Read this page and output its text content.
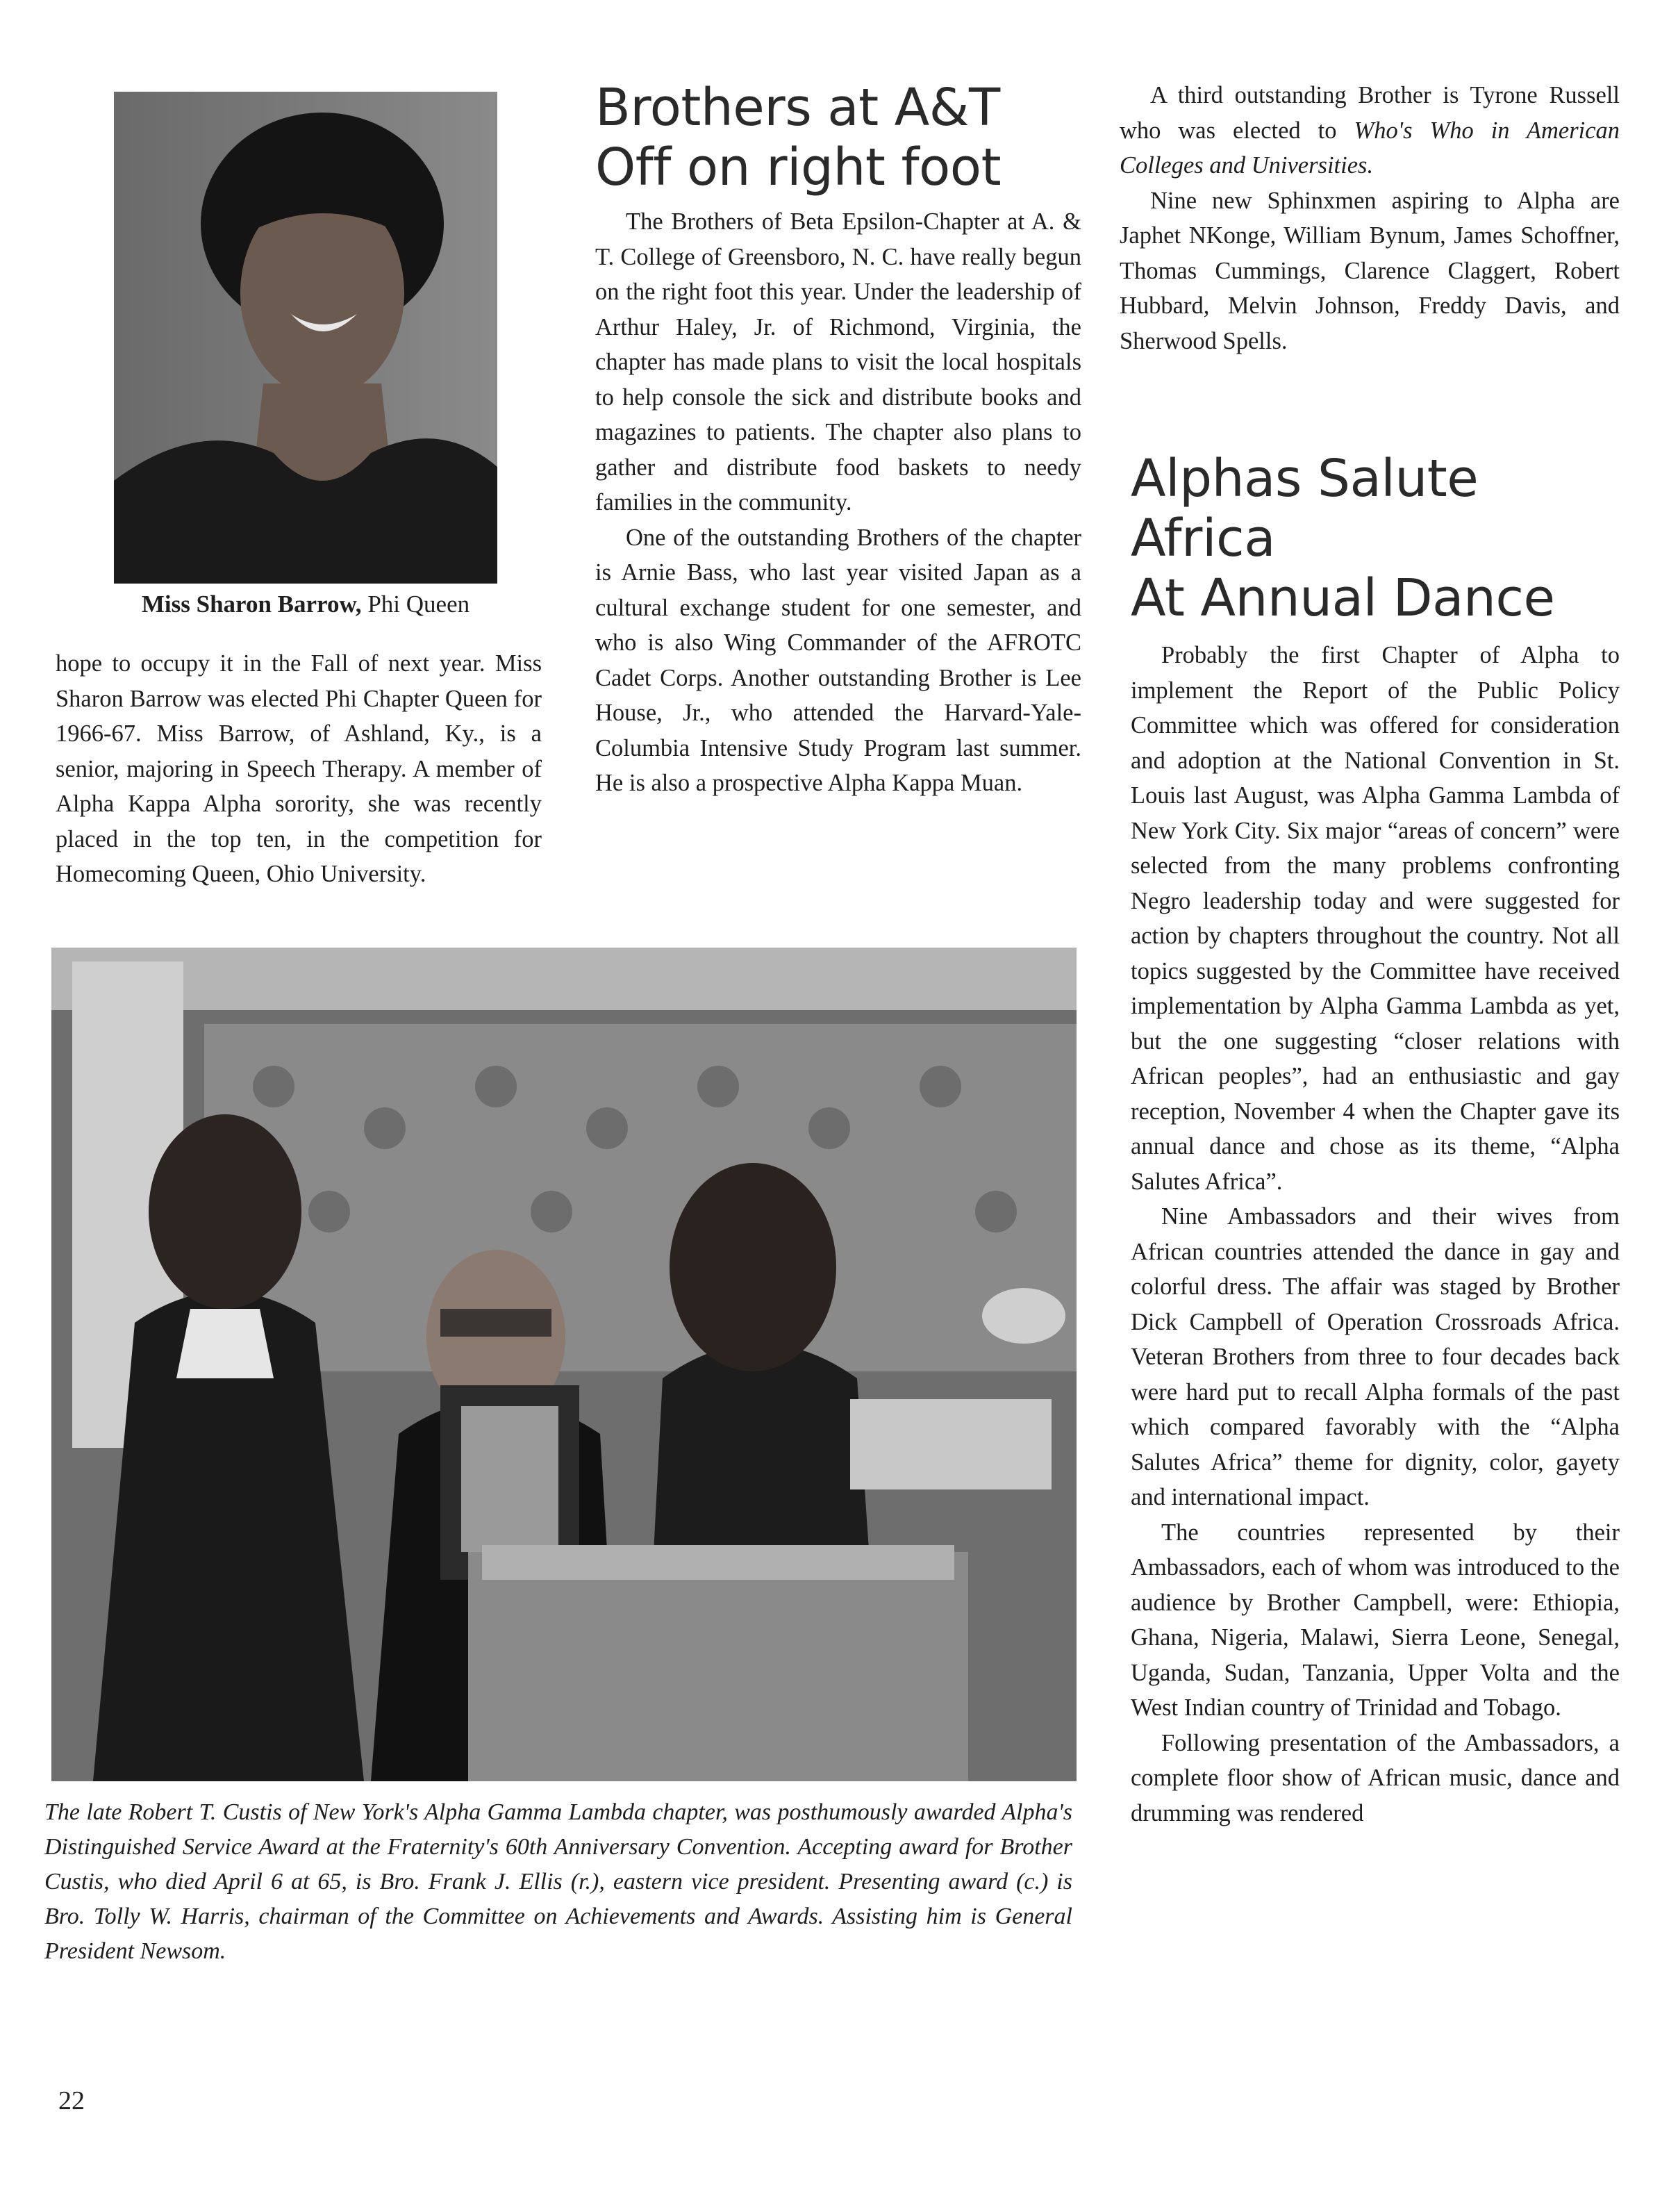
Miss Sharon Barrow, Phi Queen

hope to occupy it in the Fall of next year. Miss Sharon Barrow was elected Phi Chapter Queen for 1966-67. Miss Barrow, of Ashland, Ky., is a senior, majoring in Speech Therapy. A member of Alpha Kappa Alpha sorority, she was recently placed in the top ten, in the competition for Homecoming Queen, Ohio University.

Brothers at A&T
Off on right foot

The Brothers of Beta Epsilon-Chapter at A. & T. College of Greensboro, N. C. have really begun on the right foot this year. Under the leadership of Arthur Haley, Jr. of Richmond, Virginia, the chapter has made plans to visit the local hospitals to help console the sick and distribute books and magazines to patients. The chapter also plans to gather and distribute food baskets to needy families in the community.

One of the outstanding Brothers of the chapter is Arnie Bass, who last year visited Japan as a cultural exchange student for one semester, and who is also Wing Commander of the AFROTC Cadet Corps. Another outstanding Brother is Lee House, Jr., who attended the Harvard-Yale-Columbia Intensive Study Program last summer. He is also a prospective Alpha Kappa Muan.

A third outstanding Brother is Tyrone Russell who was elected to Who's Who in American Colleges and Universities.

Nine new Sphinxmen aspiring to Alpha are Japhet NKonge, William Bynum, James Schoffner, Thomas Cummings, Clarence Claggert, Robert Hubbard, Melvin Johnson, Freddy Davis, and Sherwood Spells.

Alphas Salute Africa
At Annual Dance

Probably the first Chapter of Alpha to implement the Report of the Public Policy Committee which was offered for consideration and adoption at the National Convention in St. Louis last August, was Alpha Gamma Lambda of New York City. Six major “areas of concern” were selected from the many problems confronting Negro leadership today and were suggested for action by chapters throughout the country. Not all topics suggested by the Committee have received implementation by Alpha Gamma Lambda as yet, but the one suggesting “closer relations with African peoples”, had an enthusiastic and gay reception, November 4 when the Chapter gave its annual dance and chose as its theme, “Alpha Salutes Africa”.

Nine Ambassadors and their wives from African countries attended the dance in gay and colorful dress. The affair was staged by Brother Dick Campbell of Operation Crossroads Africa. Veteran Brothers from three to four decades back were hard put to recall Alpha formals of the past which compared favorably with the “Alpha Salutes Africa” theme for dignity, color, gayety and international impact.

The countries represented by their Ambassadors, each of whom was introduced to the audience by Brother Campbell, were: Ethiopia, Ghana, Nigeria, Malawi, Sierra Leone, Senegal, Uganda, Sudan, Tanzania, Upper Volta and the West Indian country of Trinidad and Tobago.

Following presentation of the Ambassadors, a complete floor show of African music, dance and drumming was rendered

The late Robert T. Custis of New York's Alpha Gamma Lambda chapter, was posthumously awarded Alpha's Distinguished Service Award at the Fraternity's 60th Anniversary Convention. Accepting award for Brother Custis, who died April 6 at 65, is Bro. Frank J. Ellis (r.), eastern vice president. Presenting award (c.) is Bro. Tolly W. Harris, chairman of the Committee on Achievements and Awards. Assisting him is General President Newsom.
22
